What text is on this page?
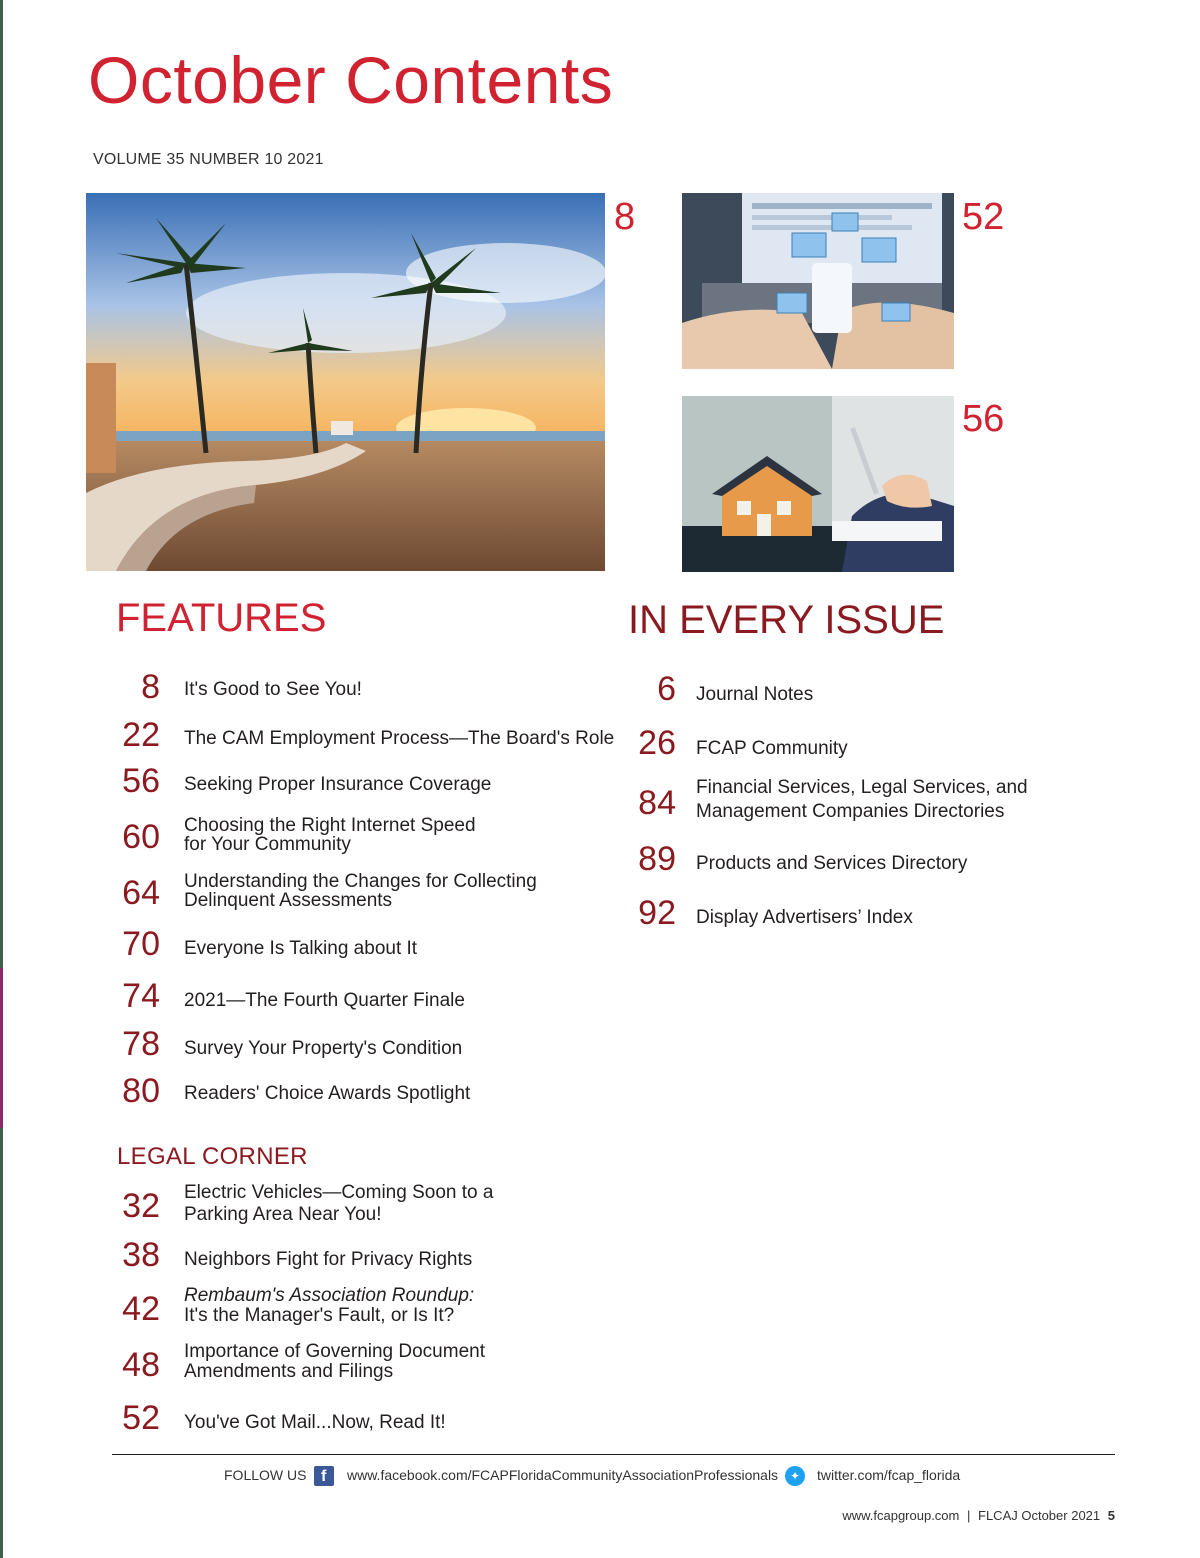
October Contents
VOLUME 35 NUMBER 10 2021
8	52
56
FEATURES	IN EVERY ISSUE
LEGAL CORNER
8 It's Good to See You!
22 The CAM Employment Process—The Board's Role
56 Seeking Proper Insurance Coverage
60 Choosing the Right Internet Speed
for Your Community
64 Understanding the Changes for Collecting
Delinquent Assessments
70 Everyone Is Talking about It
74 2021—The Fourth Quarter Finale
78 Survey Your Property's Condition
80 Readers' Choice Awards Spotlight
32 Electric Vehicles—Coming Soon to a
Parking Area Near You!
38 Neighbors Fight for Privacy Rights
42 Rembaum's Association Roundup:
It's the Manager's Fault, or Is It?
48 Importance of Governing Document
Amendments and Filings
52 You've Got Mail...Now, Read It!
6 Journal Notes
26 FCAP Community
84 Financial Services, Legal Services, and
Management Companies Directories
89 Products and Services Directory
92 Display Advertisers’ Index
FOLLOW US f www.facebook.com/FCAPFloridaCommunityAssociationProfessionals ✦ twitter.com/fcap_florida
www.fcapgroup.com | FLCAJ October 2021 5
